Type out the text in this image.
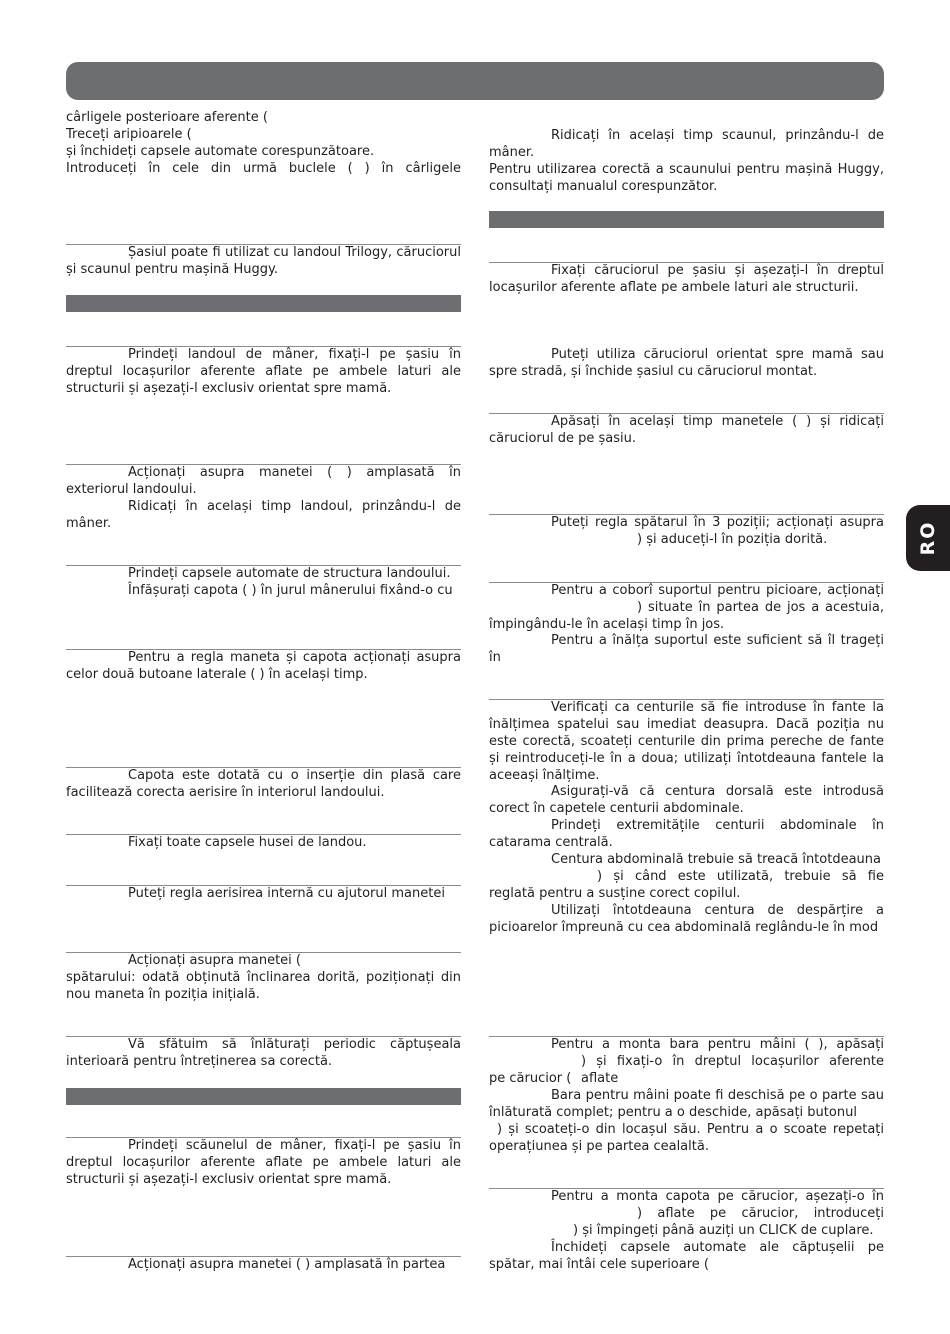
RO

cârligele posterioare aferente (

Treceți aripioarele (

și închideți capsele automate corespunzătoare.

Introduceți în cele din urmă buclele ( ) în cârligele

Șasiul poate fi utilizat cu landoul Trilogy, căruciorul și scaunul pentru mașină Huggy.

Prindeți landoul de mâner, fixați-l pe șasiu în dreptul locașurilor aferente aflate pe ambele laturi ale structurii și așezați-l exclusiv orientat spre mamă.

Acționați asupra manetei ( ) amplasată în exteriorul landoului.

Ridicați în același timp landoul, prinzându-l de mâner.

Prindeți capsele automate de structura landoului.

Înfășurați capota ( ) în jurul mânerului fixând-o cu

Pentru a regla maneta și capota acționați asupra celor două butoane laterale ( ) în același timp.

Capota este dotată cu o inserție din plasă care facilitează corecta aerisire în interiorul landoului.

Fixați toate capsele husei de landou.

Puteți regla aerisirea internă cu ajutorul manetei

Acționați asupra manetei (

spătarului: odată obținută înclinarea dorită, poziționați din nou maneta în poziția inițială.

Vă sfătuim să înlăturați periodic căptușeala interioară pentru întreținerea sa corectă.

Prindeți scăunelul de mâner, fixați-l pe șasiu în dreptul locașurilor aferente aflate pe ambele laturi ale structurii și așezați-l exclusiv orientat spre mamă.

Acționați asupra manetei ( ) amplasată în partea

Ridicați în același timp scaunul, prinzându-l de mâner.

Pentru utilizarea corectă a scaunului pentru mașină Huggy, consultați manualul corespunzător.

Fixați căruciorul pe șasiu și așezați-l în dreptul locașurilor aferente aflate pe ambele laturi ale structurii.

Puteți utiliza căruciorul orientat spre mamă sau spre stradă, și închide șasiul cu căruciorul montat.

Apăsați în același timp manetele ( ) și ridicați căruciorul de pe șasiu.

Puteți regla spătarul în 3 poziții; acționați asupra

) și aduceți-l în poziția dorită.

Pentru a coborî suportul pentru picioare, acționați

) situate în partea de jos a acestuia, împingându-le în același timp în jos.

Pentru a înălța suportul este suficient să îl trageți în

Verificați ca centurile să fie introduse în fante la înălțimea spatelui sau imediat deasupra. Dacă poziția nu este corectă, scoateți centurile din prima pereche de fante și reintroduceți-le în a doua; utilizați întotdeauna fantele la aceeași înălțime.

Asigurați-vă că centura dorsală este introdusă corect în capetele centurii abdominale.

Prindeți extremitățile centurii abdominale în catarama centrală.

Centura abdominală trebuie să treacă întotdeauna

) și când este utilizată, trebuie să fie reglată pentru a susține corect copilul.

Utilizați întotdeauna centura de despărțire a picioarelor împreună cu cea abdominală reglându-le în mod

Pentru a monta bara pentru mâini ( ), apăsați

) și fixați-o în dreptul locașurilor aferente aflate

pe cărucior (

Bara pentru mâini poate fi deschisă pe o parte sau înlăturată complet; pentru a o deschide, apăsați butonul

) și scoateți-o din locașul său. Pentru a o scoate repetați operațiunea și pe partea cealaltă.

Pentru a monta capota pe cărucior, așezați-o în

) aflate pe cărucior, introduceți

) și împingeți până auziți un CLICK de cuplare.

Închideți capsele automate ale căptușelii pe spătar, mai întâi cele superioare (
